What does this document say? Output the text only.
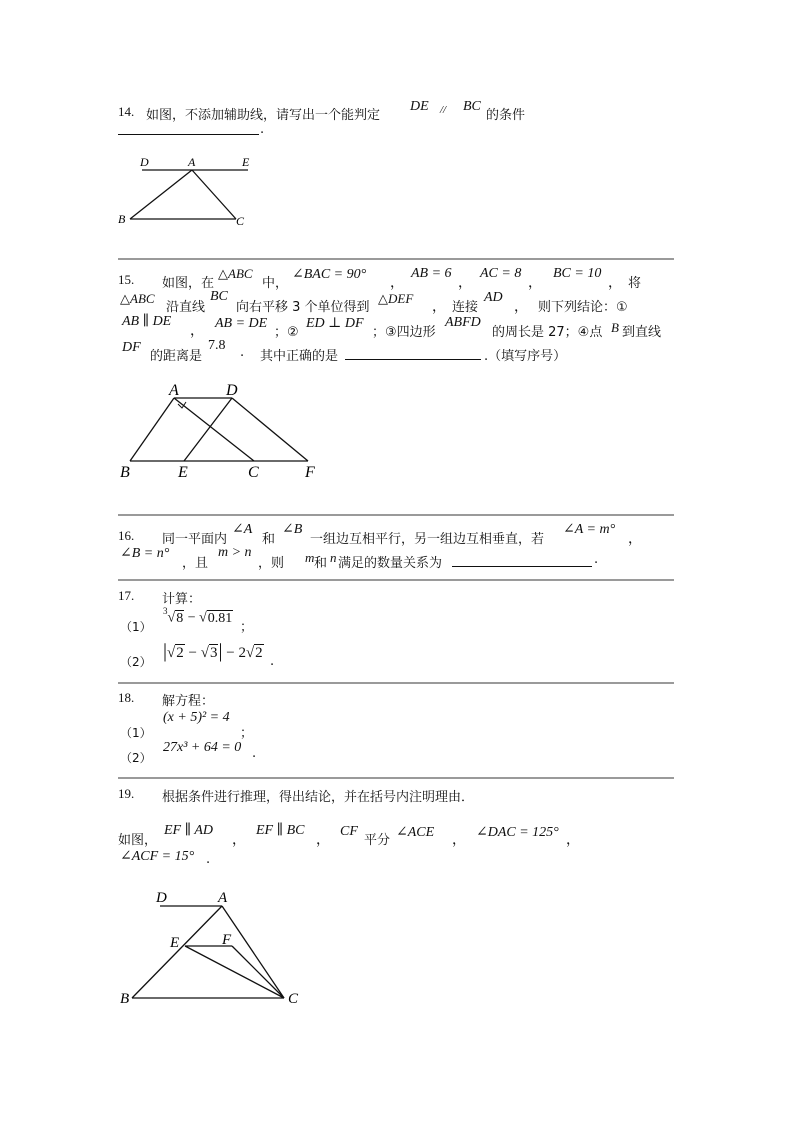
14. 如图，不添加辅助线，请写出一个能判定
DE // BC
的条件
.
D	A	E
B	C
15. 如图，在
△ABC
中，
∠BAC = 90°
，
AB = 6
，
AC = 8
，
BC = 10
， 将
△ABC
沿直线
BC
向右平移 3 个单位得到
△DEF
， 连接
AD
， 则下列结论：①
AB ∥ DE
，
AB = DE
；②
ED ⊥ DF
；③四边形
ABFD
的周长是 27；④点 B 到直线
DF
的距离是
7.8 . 其中正确的是	.（填写序号）
A	D
B	E	C	F
16. 同一平面内
∠A
和
∠B
一组边互相平行，另一组边互相垂直，若
∠A = m°
，
∠B = n°
，且
m > n
，则 m 和 n 满足的数量关系为	.
17. 计算：
（1）
$^3$√8 − √0.81
；
（2） |√2 − √3| − 2√2
.
18. 解方程：
（1）
(x + 5)² = 4
；
（2）
27x³ + 64 = 0 .
19. 根据条件进行推理，得出结论，并在括号内注明理由．
如图，
EF ∥ AD
，
EF ∥ BC
，
CF
平分
∠ACE
，
∠DAC = 125°
，
∠ACF = 15° .
D	A
E	F
B	C
